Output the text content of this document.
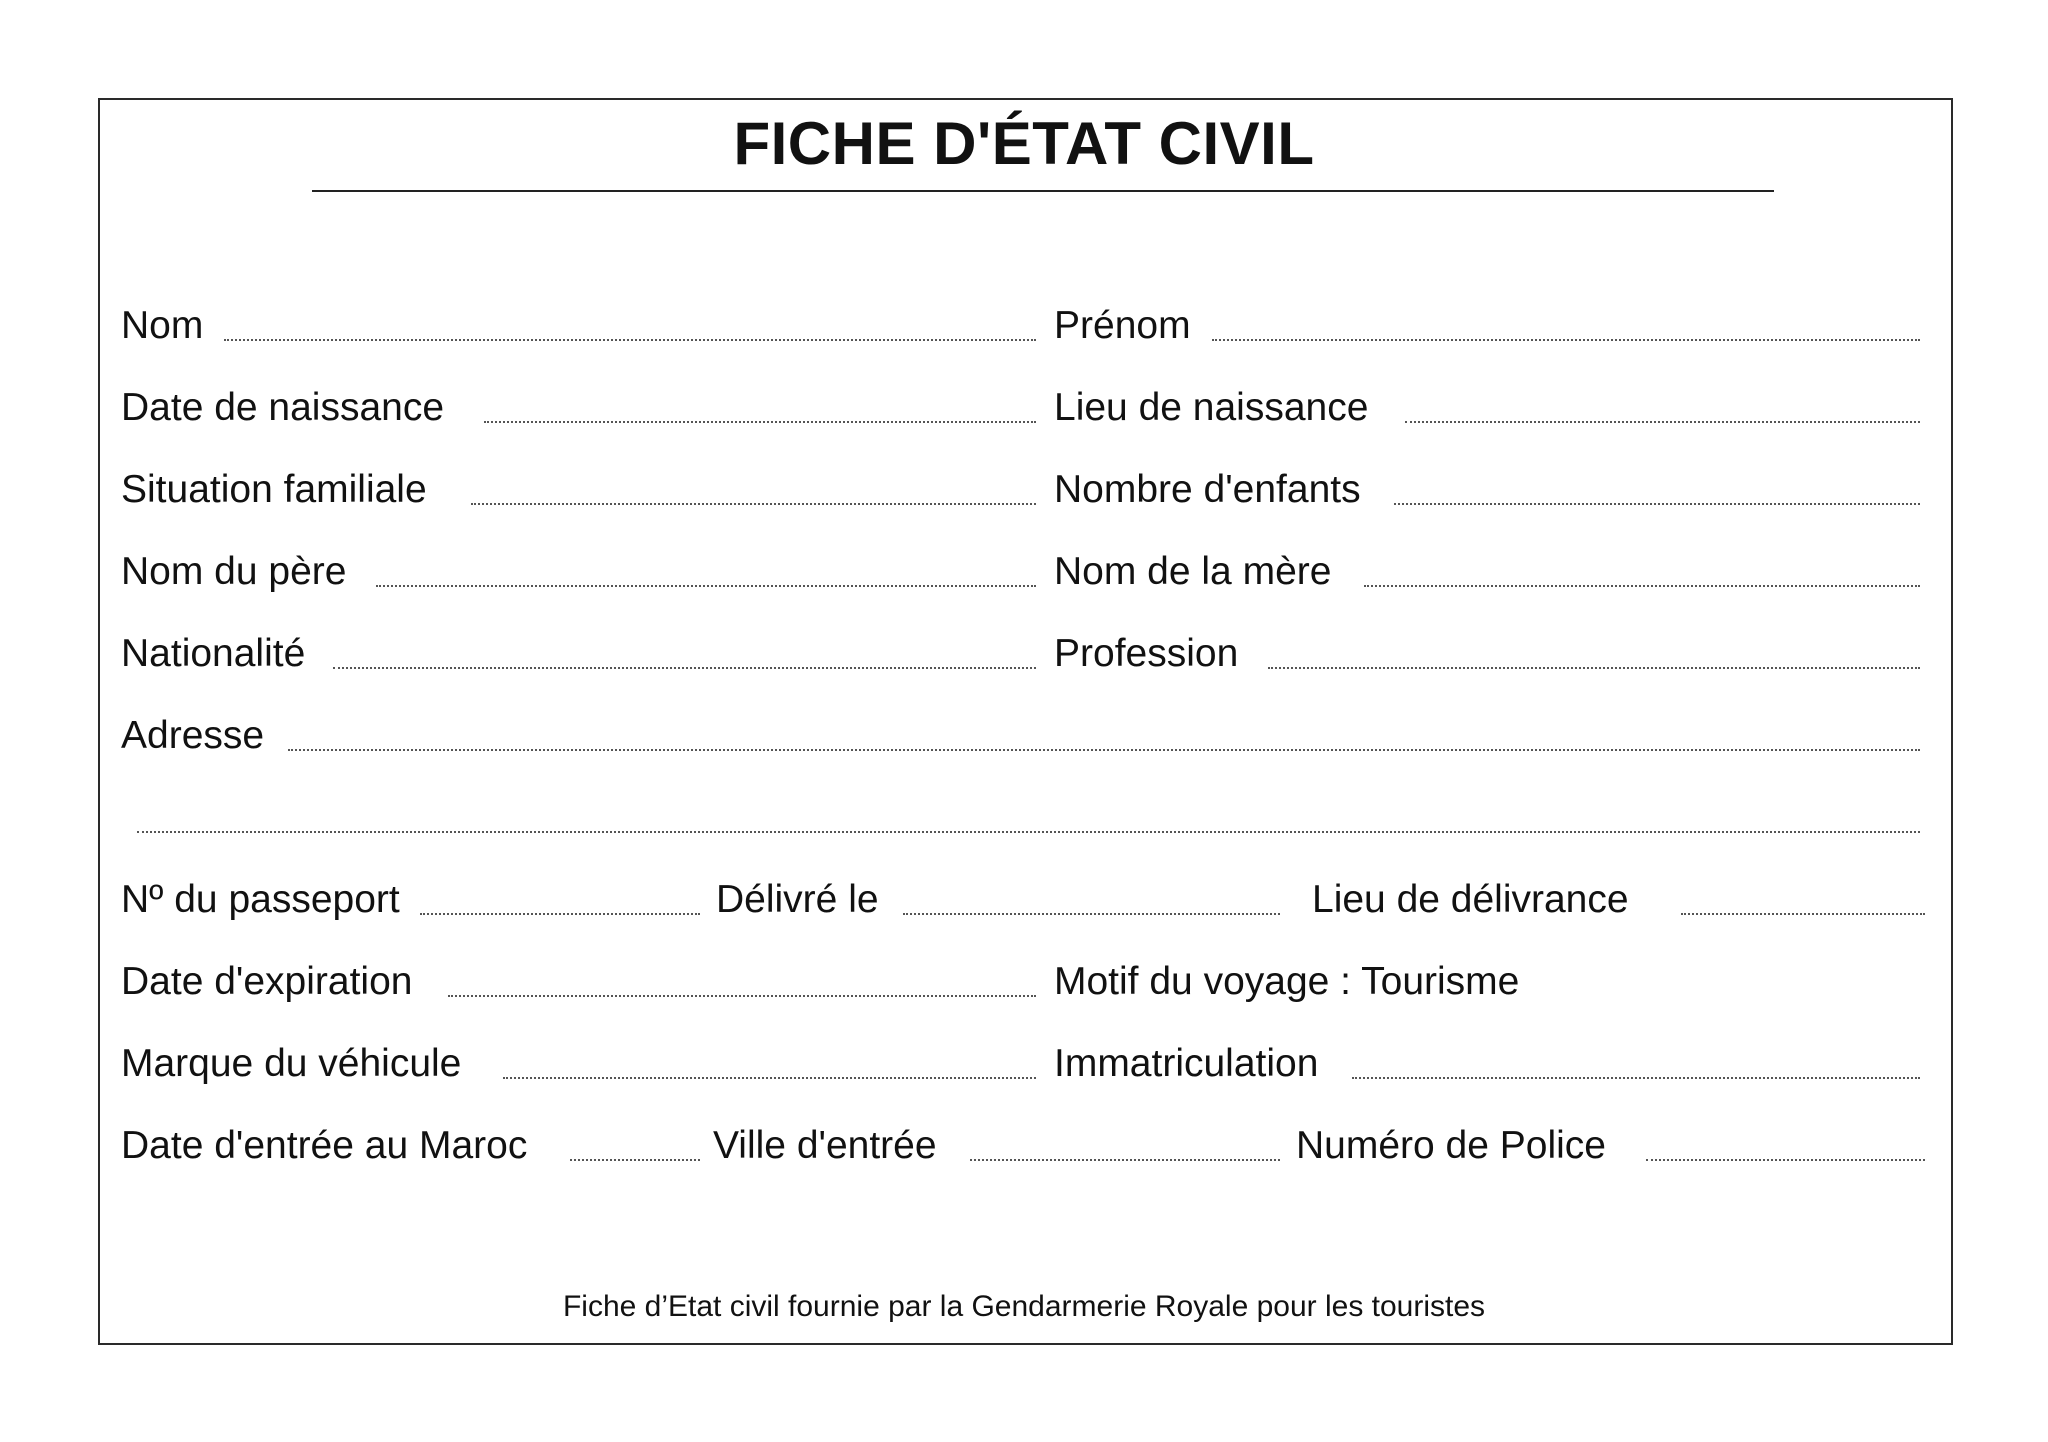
FICHE D'ÉTAT CIVIL
Nom	Prénom
Date de naissance	Lieu de naissance
Situation familiale	Nombre d'enfants
Nom du père	Nom de la mère
Nationalité	Profession
Adresse
Nº du passeport	Délivré le	Lieu de délivrance
Date d'expiration	Motif du voyage : Tourisme
Marque du véhicule	Immatriculation
Date d'entrée au Maroc	Ville d'entrée	Numéro de Police
Fiche d’Etat civil fournie par la Gendarmerie Royale pour les touristes
